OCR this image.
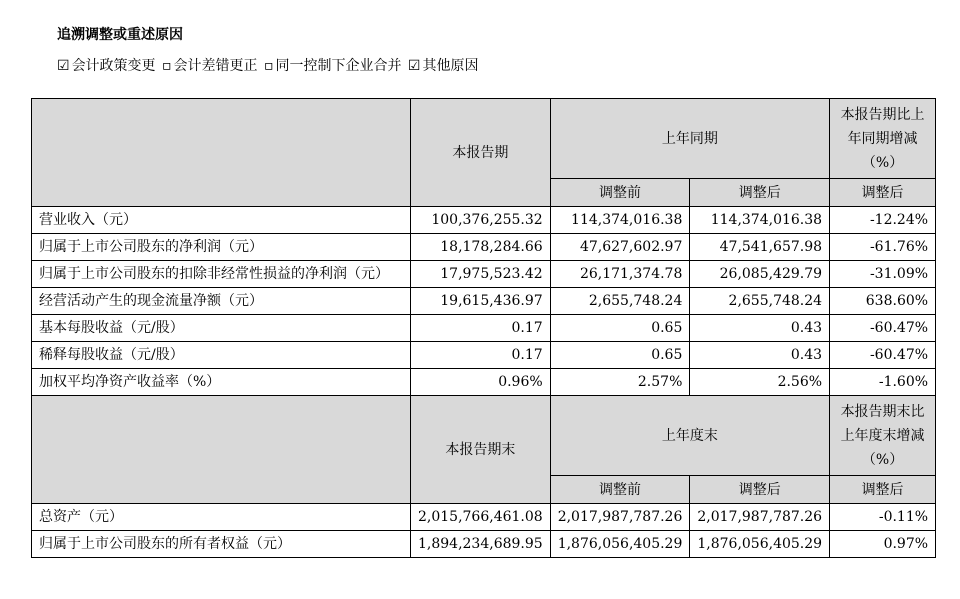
追溯调整或重述原因
☑ 会计政策变更 ▫ 会计差错更正 ▫ 同一控制下企业合并 ☑ 其他原因
	本报告期	上年同期		本报告期比上年同期增减（%）
		调整前	调整后	调整后
营业收入（元）	100,376,255.32	114,374,016.38	114,374,016.38	-12.24%
归属于上市公司股东的净利润（元）	18,178,284.66	47,627,602.97	47,541,657.98	-61.76%
归属于上市公司股东的扣除非经常性损益的净利润（元）	17,975,523.42	26,171,374.78	26,085,429.79	-31.09%
经营活动产生的现金流量净额（元）	19,615,436.97	2,655,748.24	2,655,748.24	638.60%
基本每股收益（元/股）	0.17	0.65	0.43	-60.47%
稀释每股收益（元/股）	0.17	0.65	0.43	-60.47%
加权平均净资产收益率（%）	0.96%	2.57%	2.56%	-1.60%
	本报告期末	上年度末		本报告期末比上年度末增减（%）
		调整前	调整后	调整后
总资产（元）	2,015,766,461.08	2,017,987,787.26	2,017,987,787.26	-0.11%
归属于上市公司股东的所有者权益（元）	1,894,234,689.95	1,876,056,405.29	1,876,056,405.29	0.97%
